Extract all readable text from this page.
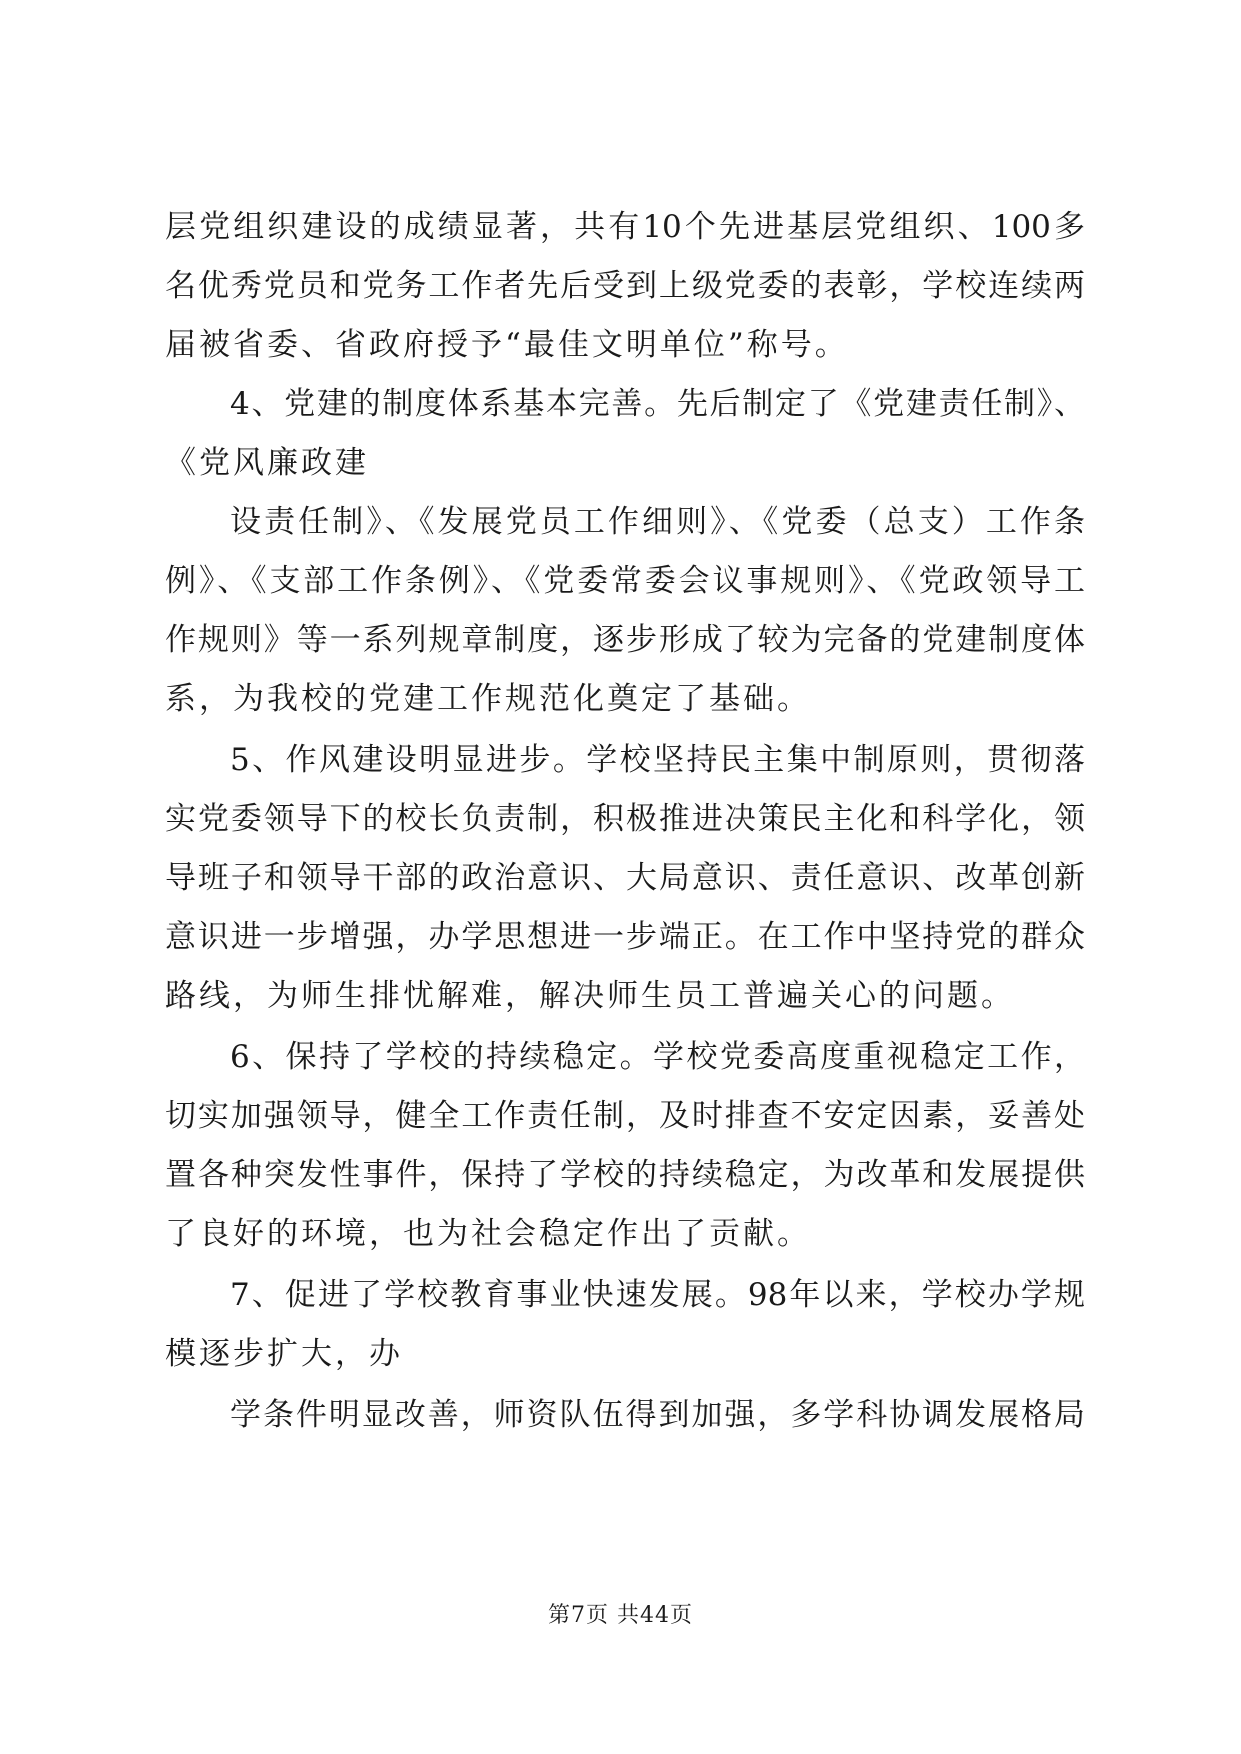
层党组织建设的成绩显著，共有10个先进基层党组织、100多
名优秀党员和党务工作者先后受到上级党委的表彰，学校连续两
届被省委、省政府授予“最佳文明单位”称号。
4、党建的制度体系基本完善。先后制定了《党建责任制》、
《党风廉政建
设责任制》、《发展党员工作细则》、《党委（总支）工作条
例》、《支部工作条例》、《党委常委会议事规则》、《党政领导工
作规则》等一系列规章制度，逐步形成了较为完备的党建制度体
系，为我校的党建工作规范化奠定了基础。
5、作风建设明显进步。学校坚持民主集中制原则，贯彻落
实党委领导下的校长负责制，积极推进决策民主化和科学化，领
导班子和领导干部的政治意识、大局意识、责任意识、改革创新
意识进一步增强，办学思想进一步端正。在工作中坚持党的群众
路线，为师生排忧解难，解决师生员工普遍关心的问题。
6、保持了学校的持续稳定。学校党委高度重视稳定工作，
切实加强领导，健全工作责任制，及时排查不安定因素，妥善处
置各种突发性事件，保持了学校的持续稳定，为改革和发展提供
了良好的环境，也为社会稳定作出了贡献。
7、促进了学校教育事业快速发展。98年以来，学校办学规
模逐步扩大，办
学条件明显改善，师资队伍得到加强，多学科协调发展格局
第7页 共44页
